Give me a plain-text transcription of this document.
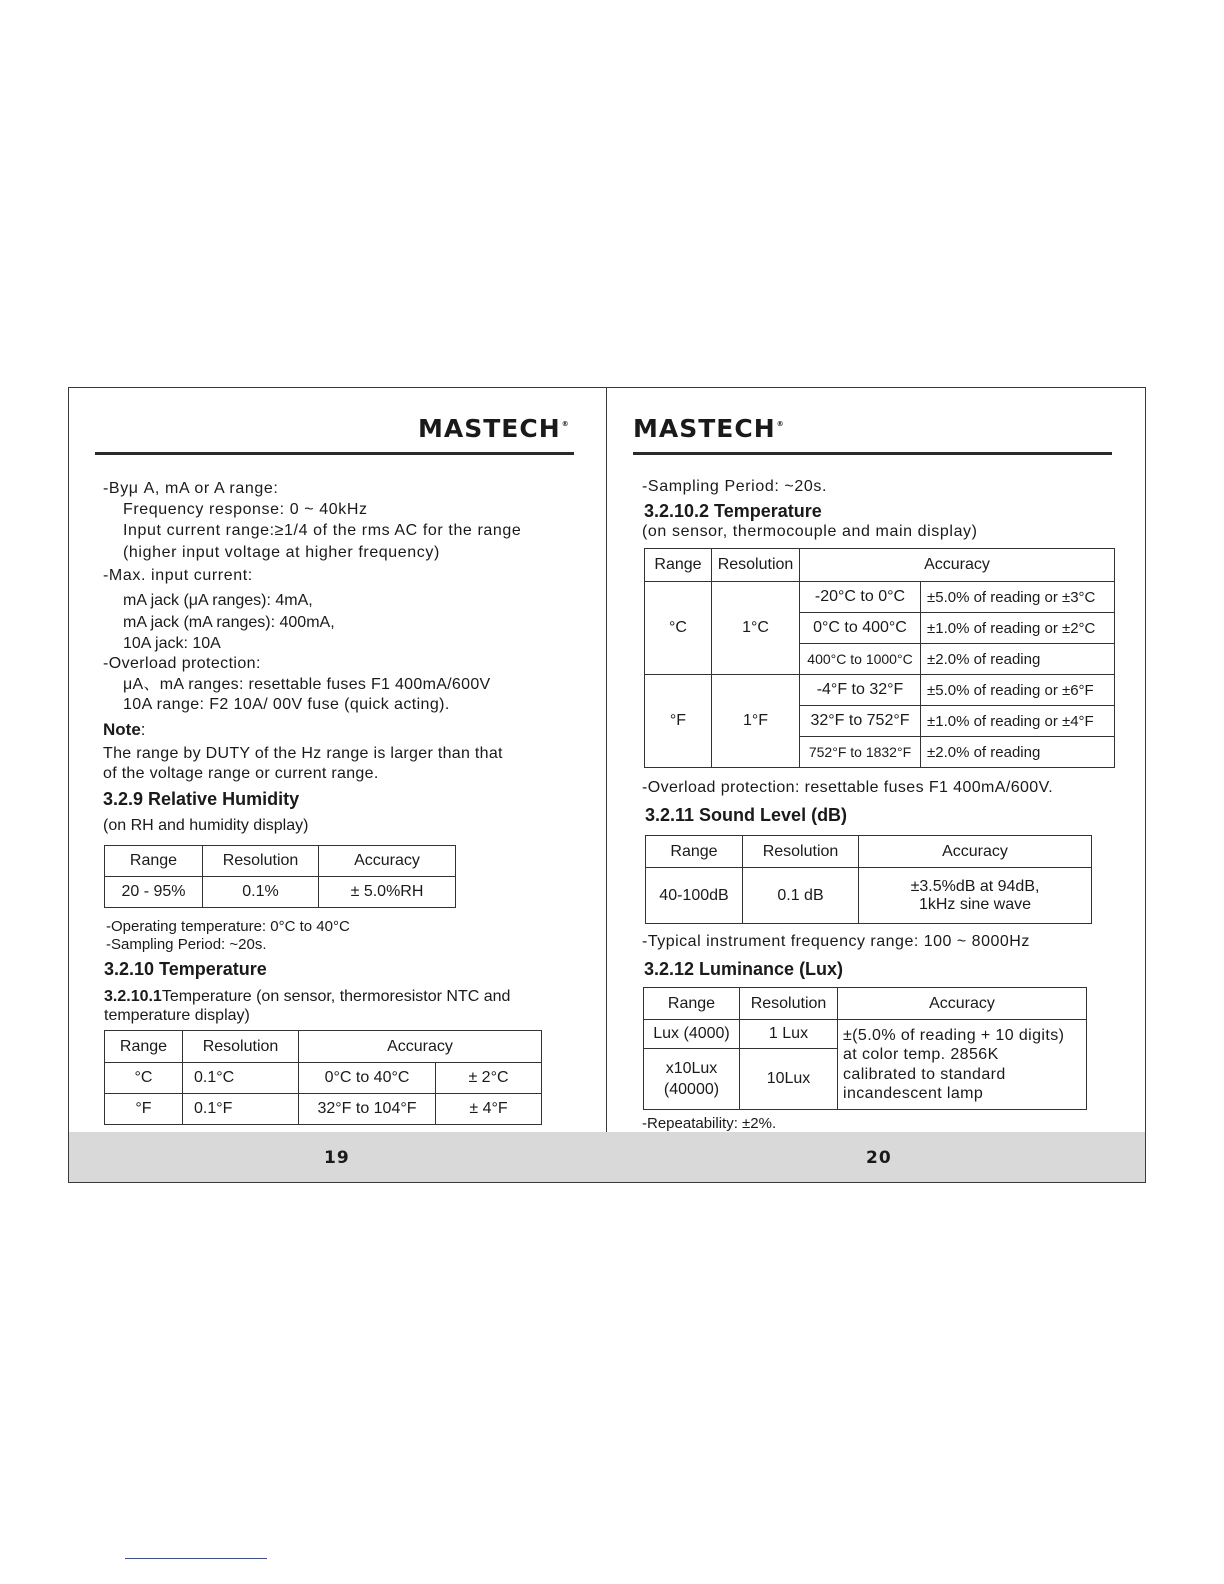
MASTECH®
-Byμ A, mA or A range:
Frequency response: 0 ~ 40kHz
Input current range:≥1/4 of the rms AC for the range
(higher input voltage at higher frequency)
-Max. input current:
mA jack (μA ranges): 4mA,
mA jack (mA ranges): 400mA,
10A jack: 10A
-Overload protection:
μA、mA ranges: resettable fuses F1 400mA/600V
10A range: F2 10A/ 00V fuse (quick acting).
Note:
The range by DUTY of the Hz range is larger than that
of the voltage range or current range.
3.2.9 Relative Humidity
(on RH and humidity display)
Range	Resolution	Accuracy
20 - 95%	0.1%	± 5.0%RH
-Operating temperature: 0°C to 40°C
-Sampling Period: ~20s.
3.2.10 Temperature
3.2.10.1Temperature (on sensor, thermoresistor NTC and
temperature display)
Range	Resolution	Accuracy	
°C	0.1°C	0°C to 40°C	± 2°C
°F	0.1°F	32°F to 104°F	± 4°F
19
MASTECH®
-Sampling Period: ~20s.
3.2.10.2 Temperature
(on sensor, thermocouple and main display)
Range	Resolution	Accuracy	
°C	1°C	-20°C to 0°C	±5.0% of reading or ±3°C
		0°C to 400°C	±1.0% of reading or ±2°C
		400°C to 1000°C	±2.0% of reading
°F	1°F	-4°F to 32°F	±5.0% of reading or ±6°F
		32°F to 752°F	±1.0% of reading or ±4°F
		752°F to 1832°F	±2.0% of reading
-Overload protection: resettable fuses F1 400mA/600V.
3.2.11 Sound Level (dB)
Range	Resolution	Accuracy
40-100dB	0.1 dB	±3.5%dB at 94dB,
1kHz sine wave
-Typical instrument frequency range: 100 ~ 8000Hz
3.2.12 Luminance (Lux)
Range	Resolution	Accuracy
Lux (4000)	1 Lux	±(5.0% of reading + 10 digits)
at color temp. 2856K
calibrated to standard
incandescent lamp
x10Lux
(40000)	10Lux	
-Repeatability: ±2%.
20
